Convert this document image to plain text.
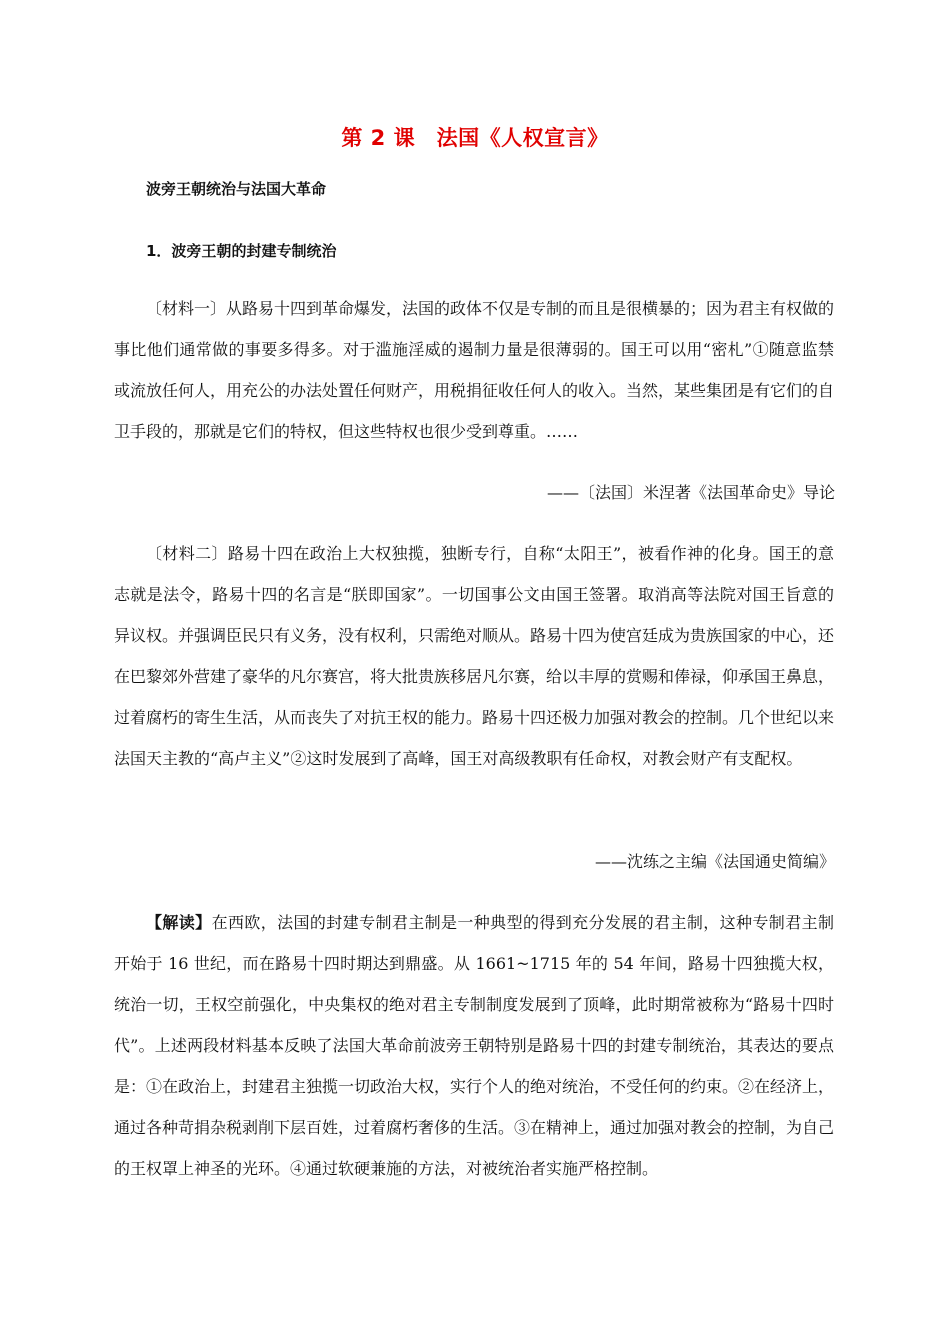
第 2 课　法国《人权宣言》
波旁王朝统治与法国大革命
1．波旁王朝的封建专制统治
〔材料一〕从路易十四到革命爆发，法国的政体不仅是专制的而且是很横暴的；因为君主有权做的事比他们通常做的事要多得多。对于滥施淫威的遏制力量是很薄弱的。国王可以用“密札”①随意监禁或流放任何人，用充公的办法处置任何财产，用税捐征收任何人的收入。当然，某些集团是有它们的自卫手段的，那就是它们的特权，但这些特权也很少受到尊重。……
——〔法国〕米涅著《法国革命史》导论
〔材料二〕路易十四在政治上大权独揽，独断专行，自称“太阳王”，被看作神的化身。国王的意志就是法令，路易十四的名言是“朕即国家”。一切国事公文由国王签署。取消高等法院对国王旨意的异议权。并强调臣民只有义务，没有权利，只需绝对顺从。路易十四为使宫廷成为贵族国家的中心，还在巴黎郊外营建了豪华的凡尔赛宫，将大批贵族移居凡尔赛，给以丰厚的赏赐和俸禄，仰承国王鼻息，过着腐朽的寄生生活，从而丧失了对抗王权的能力。路易十四还极力加强对教会的控制。几个世纪以来法国天主教的“高卢主义”②这时发展到了高峰，国王对高级教职有任命权，对教会财产有支配权。
——沈练之主编《法国通史简编》
【解读】在西欧，法国的封建专制君主制是一种典型的得到充分发展的君主制，这种专制君主制开始于 16 世纪，而在路易十四时期达到鼎盛。从 1661~1715 年的 54 年间，路易十四独揽大权，统治一切，王权空前强化，中央集权的绝对君主专制制度发展到了顶峰，此时期常被称为“路易十四时代”。上述两段材料基本反映了法国大革命前波旁王朝特别是路易十四的封建专制统治，其表达的要点是：①在政治上，封建君主独揽一切政治大权，实行个人的绝对统治，不受任何的约束。②在经济上，通过各种苛捐杂税剥削下层百姓，过着腐朽奢侈的生活。③在精神上，通过加强对教会的控制，为自己的王权罩上神圣的光环。④通过软硬兼施的方法，对被统治者实施严格控制。
